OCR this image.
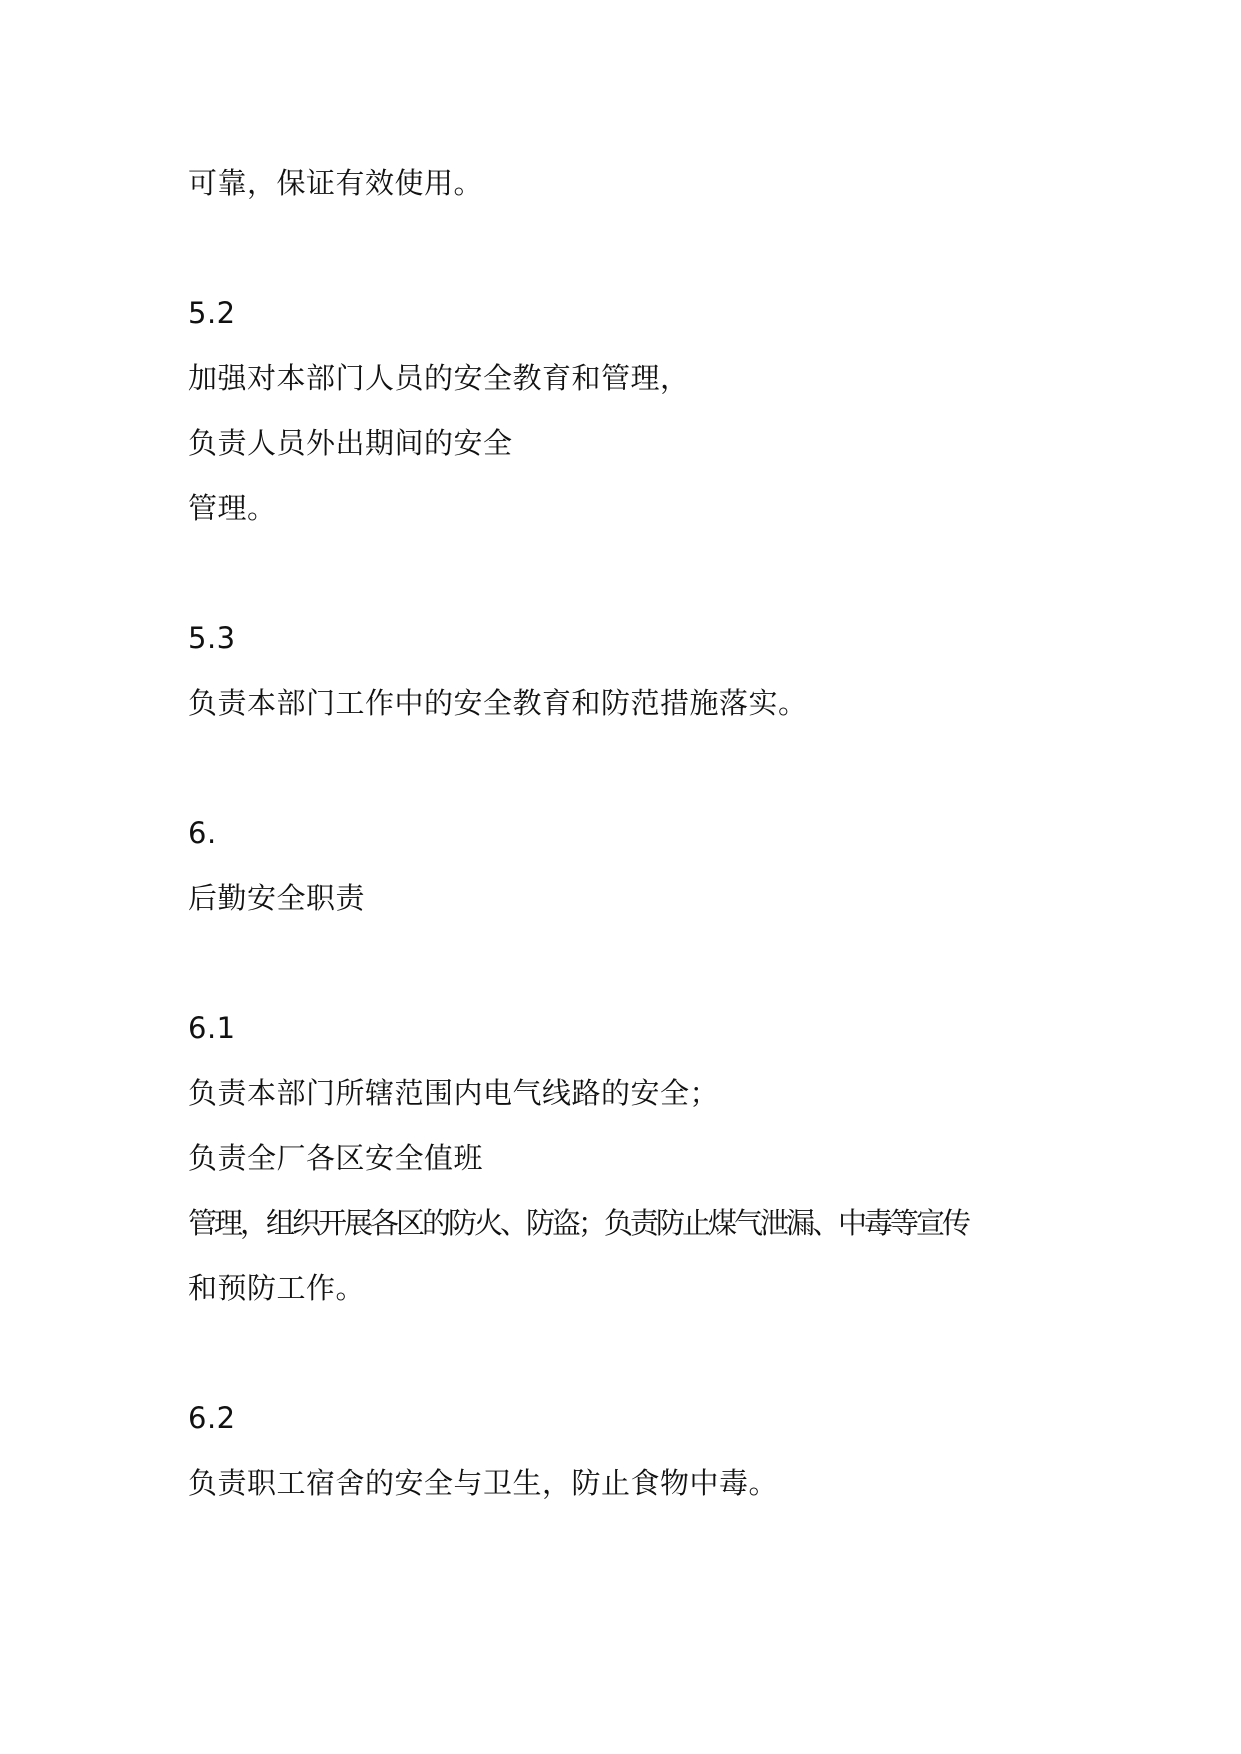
可靠，保证有效使用。
5.2
加强对本部门人员的安全教育和管理，
负责人员外出期间的安全
管理。
5.3
负责本部门工作中的安全教育和防范措施落实。
6.
后勤安全职责
6.1
负责本部门所辖范围内电气线路的安全；
负责全厂各区安全值班
管理，组织开展各区的防火、防盗；负责防止煤气泄漏、中毒等宣传
和预防工作。
6.2
负责职工宿舍的安全与卫生，防止食物中毒。
